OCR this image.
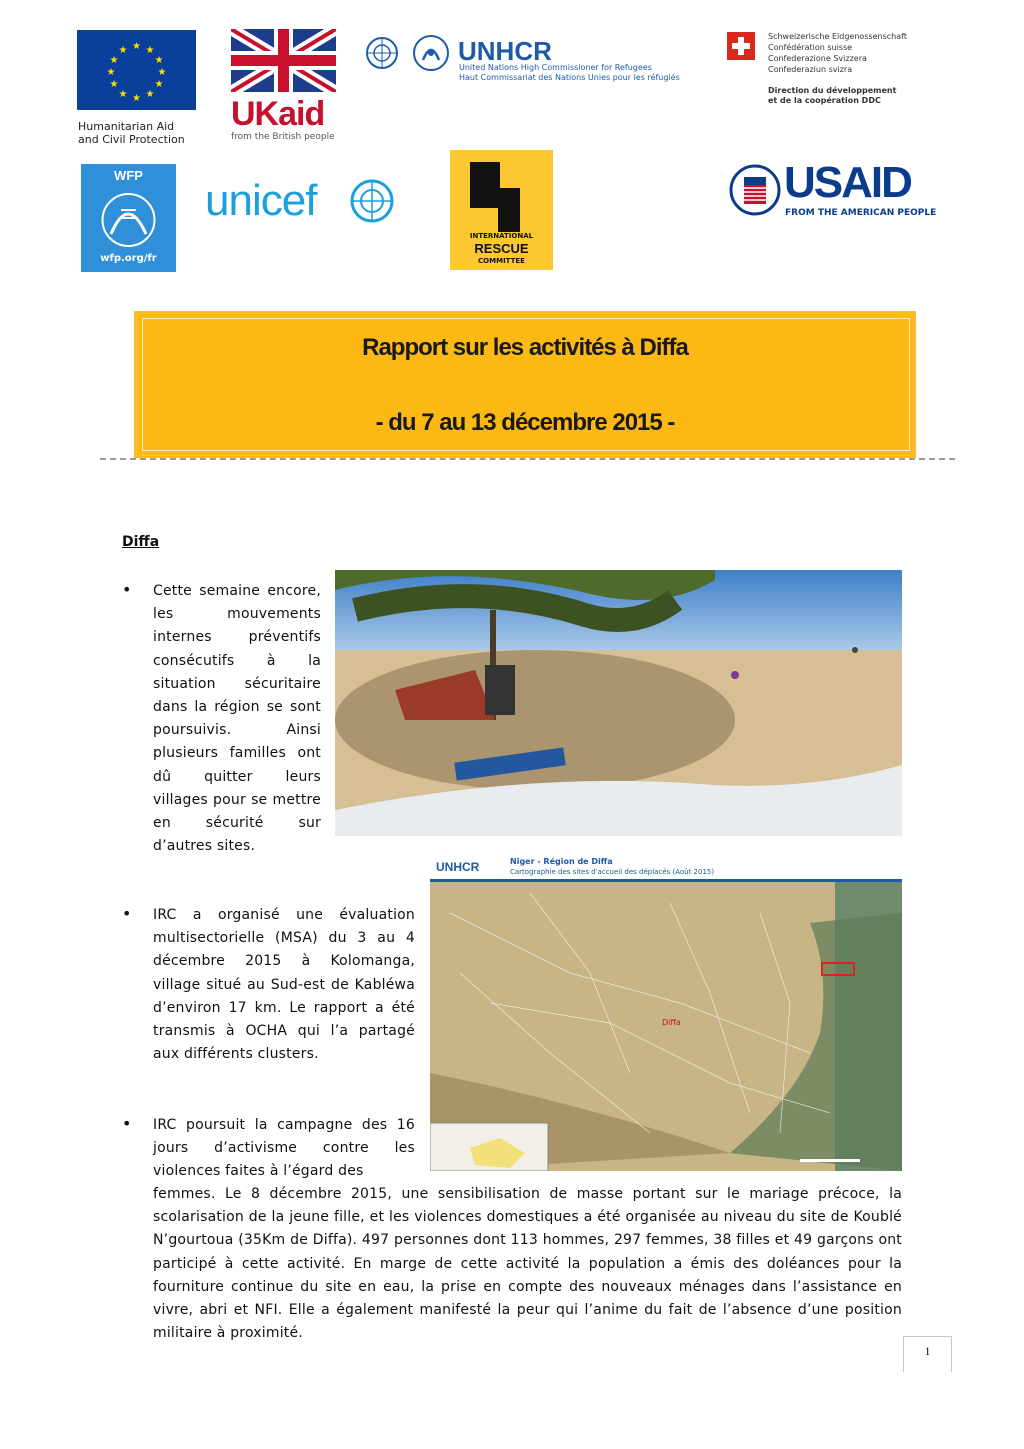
★ ★
★
★
★
★
★
★
★
★
★
★
Humanitarian Aid
and Civil Protection
UKaid
from the British people
UNHCR
United Nations High Commissioner for Refugees
Haut Commissariat des Nations Unies pour les réfugiés
Schweizerische Eidgenossenschaft
Confédération suisse
Confederazione Svizzera
Confederaziun svizra
Direction du développement
et de la coopération DDC
WFP
wfp.org/fr
unicef
INTERNATIONAL
RESCUE
COMMITTEE
USAID
FROM THE AMERICAN PEOPLE
Rapport sur les activités à Diffa
- du 7 au 13 décembre 2015 -
Diffa
• Cette semaine encore, les mouvements internes préventifs consécutifs à la situation sécuritaire dans la région se sont poursuivis. Ainsi plusieurs familles ont dû quitter leurs villages pour se mettre en sécurité sur d’autres sites.
• IRC a organisé une évaluation multisectorielle (MSA) du 3 au 4 décembre 2015 à Kolomanga, village situé au Sud-est de Kabléwa d’environ 17 km. Le rapport a été transmis à OCHA qui l’a partagé aux différents clusters.
UNHCR	Niger - Région de Diffa
Cartographie des sites d'accueil des déplacés (Août 2015)
Diffa
• IRC poursuit la campagne des 16 jours d’activisme contre les violences faites à l’égard des
femmes. Le 8 décembre 2015, une sensibilisation de masse portant sur le mariage précoce, la scolarisation de la jeune fille, et les violences domestiques a été organisée au niveau du site de Koublé N’gourtoua (35Km de Diffa). 497 personnes dont 113 hommes, 297 femmes, 38 filles et 49 garçons ont participé à cette activité. En marge de cette activité la population a émis des doléances pour la fourniture continue du site en eau, la prise en compte des nouveaux ménages dans l’assistance en vivre, abri et NFI. Elle a également manifesté la peur qui l’anime du fait de l’absence d’une position militaire à proximité.
1
